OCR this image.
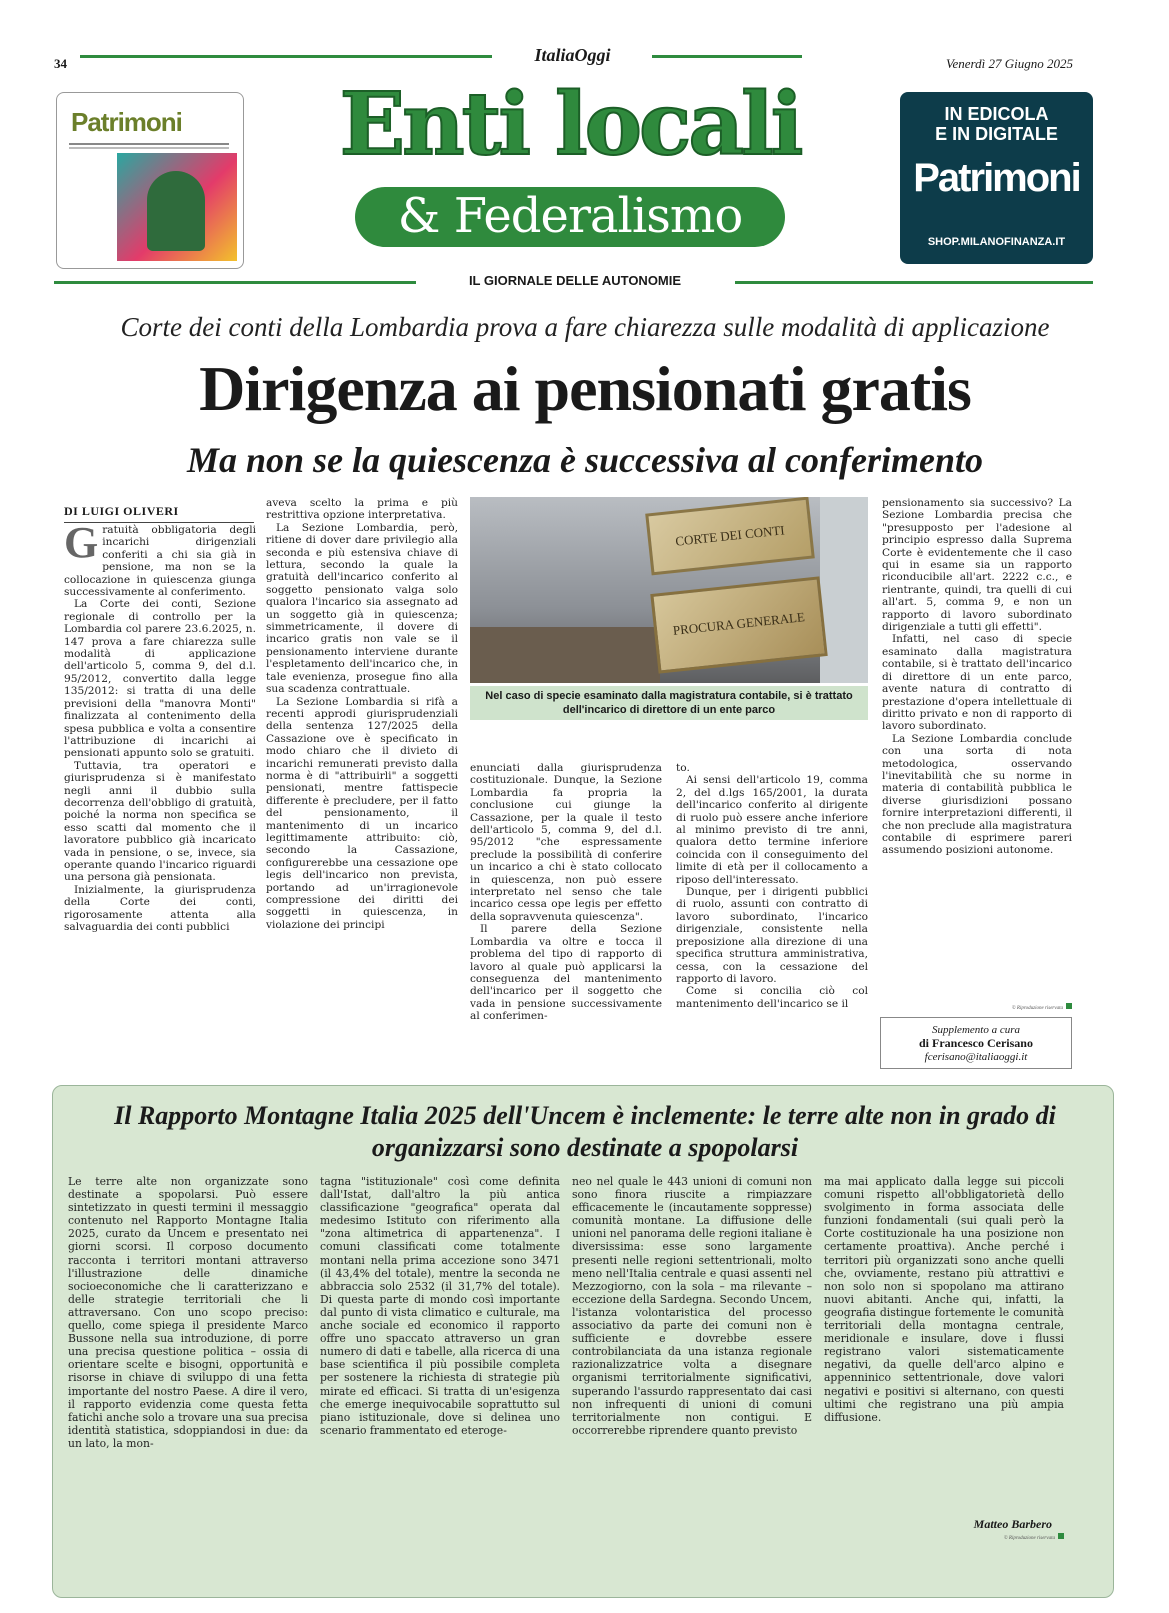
34	ItaliaOggi	Venerdì 27 Giugno 2025
Patrimoni	Enti locali
& Federalismo
IN EDICOLA
E IN DIGITALE
Patrimoni

SHOP.MILANOFINANZA.IT
IL GIORNALE DELLE AUTONOMIE
Corte dei conti della Lombardia prova a fare chiarezza sulle modalità di applicazione
Dirigenza ai pensionati gratis
Ma non se la quiescenza è successiva al conferimento
DI LUIGI OLIVERI
G ratuità obbligatoria degli incarichi dirigenziali conferiti a chi sia già in pensione, ma non se la collocazione in quiescenza giunga successivamente al conferimento.

La Corte dei conti, Sezione regionale di controllo per la Lombardia col parere 23.6.2025, n. 147 prova a fare chiarezza sulle modalità di applicazione dell'articolo 5, comma 9, del d.l. 95/2012, convertito dalla legge 135/2012: si tratta di una delle previsioni della "manovra Monti" finalizzata al contenimento della spesa pubblica e volta a consentire l'attribuzione di incarichi ai pensionati appunto solo se gratuiti.

Tuttavia, tra operatori e giurisprudenza si è manifestato negli anni il dubbio sulla decorrenza dell'obbligo di gratuità, poiché la norma non specifica se esso scatti dal momento che il lavoratore pubblico già incaricato vada in pensione, o se, invece, sia operante quando l'incarico riguardi una persona già pensionata.

Inizialmente, la giurisprudenza della Corte dei conti, rigorosamente attenta alla salvaguardia dei conti pubblici

aveva scelto la prima e più restrittiva opzione interpretativa.

La Sezione Lombardia, però, ritiene di dover dare privilegio alla seconda e più estensiva chiave di lettura, secondo la quale la gratuità dell'incarico conferito al soggetto pensionato valga solo qualora l'incarico sia assegnato ad un soggetto già in quiescenza; simmetricamente, il dovere di incarico gratis non vale se il pensionamento interviene durante l'espletamento dell'incarico che, in tale evenienza, prosegue fino alla sua scadenza contrattuale.

La Sezione Lombardia si rifà a recenti approdi giurisprudenziali della sentenza 127/2025 della Cassazione ove è specificato in modo chiaro che il divieto di incarichi remunerati previsto dalla norma è di "attribuirli" a soggetti pensionati, mentre fattispecie differente è precludere, per il fatto del pensionamento, il mantenimento di un incarico legittimamente attribuito: ciò, secondo la Cassazione, configurerebbe una cessazione ope legis dell'incarico non prevista, portando ad un'irragionevole compressione dei diritti dei soggetti in quiescenza, in violazione dei principi

CORTE DEI CONTI
PROCURA GENERALE
Nel caso di specie esaminato dalla magistratura contabile, si è trattato dell'incarico di direttore di un ente parco

enunciati dalla giurisprudenza costituzionale. Dunque, la Sezione Lombardia fa propria la conclusione cui giunge la Cassazione, per la quale il testo dell'articolo 5, comma 9, del d.l. 95/2012 "che espressamente preclude la possibilità di conferire un incarico a chi è stato collocato in quiescenza, non può essere interpretato nel senso che tale incarico cessa ope legis per effetto della sopravvenuta quiescenza".

Il parere della Sezione Lombardia va oltre e tocca il problema del tipo di rapporto di lavoro al quale può applicarsi la conseguenza del mantenimento dell'incarico per il soggetto che vada in pensione successivamente al conferimen-

to.

Ai sensi dell'articolo 19, comma 2, del d.lgs 165/2001, la durata dell'incarico conferito al dirigente di ruolo può essere anche inferiore al minimo previsto di tre anni, qualora detto termine inferiore coincida con il conseguimento del limite di età per il collocamento a riposo dell'interessato.

Dunque, per i dirigenti pubblici di ruolo, assunti con contratto di lavoro subordinato, l'incarico dirigenziale, consistente nella preposizione alla direzione di una specifica struttura amministrativa, cessa, con la cessazione del rapporto di lavoro.

Come si concilia ciò col mantenimento dell'incarico se il

pensionamento sia successivo? La Sezione Lombardia precisa che "presupposto per l'adesione al principio espresso dalla Suprema Corte è evidentemente che il caso qui in esame sia un rapporto riconducibile all'art. 2222 c.c., e rientrante, quindi, tra quelli di cui all'art. 5, comma 9, e non un rapporto di lavoro subordinato dirigenziale a tutti gli effetti".

Infatti, nel caso di specie esaminato dalla magistratura contabile, si è trattato dell'incarico di direttore di un ente parco, avente natura di contratto di prestazione d'opera intellettuale di diritto privato e non di rapporto di lavoro subordinato.

La Sezione Lombardia conclude con una sorta di nota metodologica, osservando l'inevitabilità che su norme in materia di contabilità pubblica le diverse giurisdizioni possano fornire interpretazioni differenti, il che non preclude alla magistratura contabile di esprimere pareri assumendo posizioni autonome.

© Riproduzione riservata
Supplemento a cura
di Francesco Cerisano
fcerisano@italiaoggi.it
Il Rapporto Montagne Italia 2025 dell'Uncem è inclemente: le terre alte non in grado di organizzarsi sono destinate a spopolarsi
Le terre alte non organizzate sono destinate a spopolarsi. Può essere sintetizzato in questi termini il messaggio contenuto nel Rapporto Montagne Italia 2025, curato da Uncem e presentato nei giorni scorsi. Il corposo documento racconta i territori montani attraverso l'illustrazione delle dinamiche socioeconomiche che li caratterizzano e delle strategie territoriali che li attraversano. Con uno scopo preciso: quello, come spiega il presidente Marco Bussone nella sua introduzione, di porre una precisa questione politica – ossia di orientare scelte e bisogni, opportunità e risorse in chiave di sviluppo di una fetta importante del nostro Paese. A dire il vero, il rapporto evidenzia come questa fetta fatichi anche solo a trovare una sua precisa identità statistica, sdoppiandosi in due: da un lato, la mon-
tagna "istituzionale" così come definita dall'Istat, dall'altro la più antica classificazione "geografica" operata dal medesimo Istituto con riferimento alla "zona altimetrica di appartenenza". I comuni classificati come totalmente montani nella prima accezione sono 3471 (il 43,4% del totale), mentre la seconda ne abbraccia solo 2532 (il 31,7% del totale). Di questa parte di mondo così importante dal punto di vista climatico e culturale, ma anche sociale ed economico il rapporto offre uno spaccato attraverso un gran numero di dati e tabelle, alla ricerca di una base scientifica il più possibile completa per sostenere la richiesta di strategie più mirate ed efficaci. Si tratta di un'esigenza che emerge inequivocabile soprattutto sul piano istituzionale, dove si delinea uno scenario frammentato ed eteroge-
neo nel quale le 443 unioni di comuni non sono finora riuscite a rimpiazzare efficacemente le (incautamente soppresse) comunità montane. La diffusione delle unioni nel panorama delle regioni italiane è diversissima: esse sono largamente presenti nelle regioni settentrionali, molto meno nell'Italia centrale e quasi assenti nel Mezzogiorno, con la sola – ma rilevante – eccezione della Sardegna. Secondo Uncem, l'istanza volontaristica del processo associativo da parte dei comuni non è sufficiente e dovrebbe essere controbilanciata da una istanza regionale razionalizzatrice volta a disegnare organismi territorialmente significativi, superando l'assurdo rappresentato dai casi non infrequenti di unioni di comuni territorialmente non contigui. E occorrerebbe riprendere quanto previsto
ma mai applicato dalla legge sui piccoli comuni rispetto all'obbligatorietà dello svolgimento in forma associata delle funzioni fondamentali (sui quali però la Corte costituzionale ha una posizione non certamente proattiva). Anche perché i territori più organizzati sono anche quelli che, ovviamente, restano più attrattivi e non solo non si spopolano ma attirano nuovi abitanti. Anche qui, infatti, la geografia distingue fortemente le comunità territoriali della montagna centrale, meridionale e insulare, dove i flussi registrano valori sistematicamente negativi, da quelle dell'arco alpino e appenninico settentrionale, dove valori negativi e positivi si alternano, con questi ultimi che registrano una più ampia diffusione.
Matteo Barbero
© Riproduzione riservata
